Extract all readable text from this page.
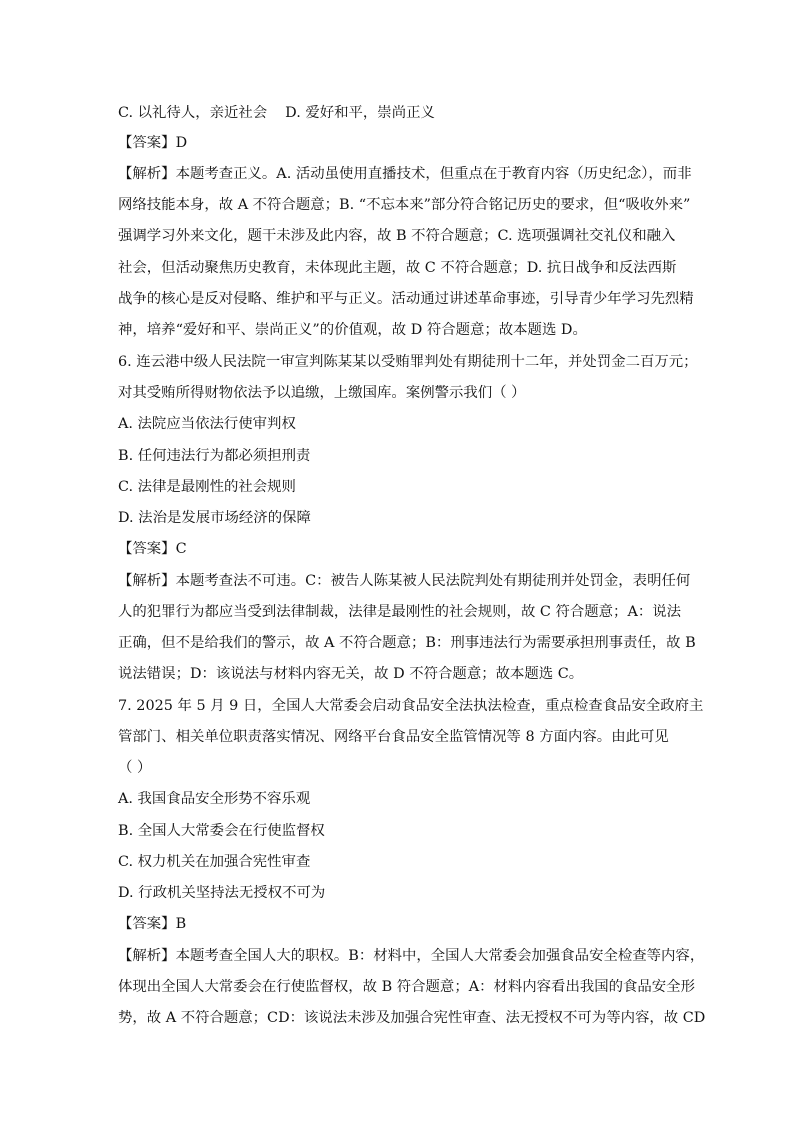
C. 以礼待人，亲近社会 D. 爱好和平，崇尚正义
【答案】D
【解析】本题考查正义。A. 活动虽使用直播技术，但重点在于教育内容（历史纪念），而非
网络技能本身，故 A 不符合题意；B. “不忘本来”部分符合铭记历史的要求，但“吸收外来”
强调学习外来文化，题干未涉及此内容，故 B 不符合题意；C. 选项强调社交礼仪和融入
社会，但活动聚焦历史教育，未体现此主题，故 C 不符合题意；D. 抗日战争和反法西斯
战争的核心是反对侵略、维护和平与正义。活动通过讲述革命事迹，引导青少年学习先烈精
神，培养“爱好和平、崇尚正义”的价值观，故 D 符合题意；故本题选 D。
6. 连云港中级人民法院一审宣判陈某某以受贿罪判处有期徒刑十二年，并处罚金二百万元；
对其受贿所得财物依法予以追缴，上缴国库。案例警示我们（ ）
A. 法院应当依法行使审判权
B. 任何违法行为都必须担刑责
C. 法律是最刚性的社会规则
D. 法治是发展市场经济的保障
【答案】C
【解析】本题考查法不可违。C：被告人陈某被人民法院判处有期徒刑并处罚金，表明任何
人的犯罪行为都应当受到法律制裁，法律是最刚性的社会规则，故 C 符合题意；A：说法
正确，但不是给我们的警示，故 A 不符合题意；B：刑事违法行为需要承担刑事责任，故 B
说法错误；D：该说法与材料内容无关，故 D 不符合题意；故本题选 C。
7. 2025 年 5 月 9 日，全国人大常委会启动食品安全法执法检查，重点检查食品安全政府主
管部门、相关单位职责落实情况、网络平台食品安全监管情况等 8 方面内容。由此可见
（ ）
A. 我国食品安全形势不容乐观
B. 全国人大常委会在行使监督权
C. 权力机关在加强合宪性审查
D. 行政机关坚持法无授权不可为
【答案】B
【解析】本题考查全国人大的职权。B：材料中，全国人大常委会加强食品安全检查等内容，
体现出全国人大常委会在行使监督权，故 B 符合题意；A：材料内容看出我国的食品安全形
势，故 A 不符合题意；CD：该说法未涉及加强合宪性审查、法无授权不可为等内容，故 CD
